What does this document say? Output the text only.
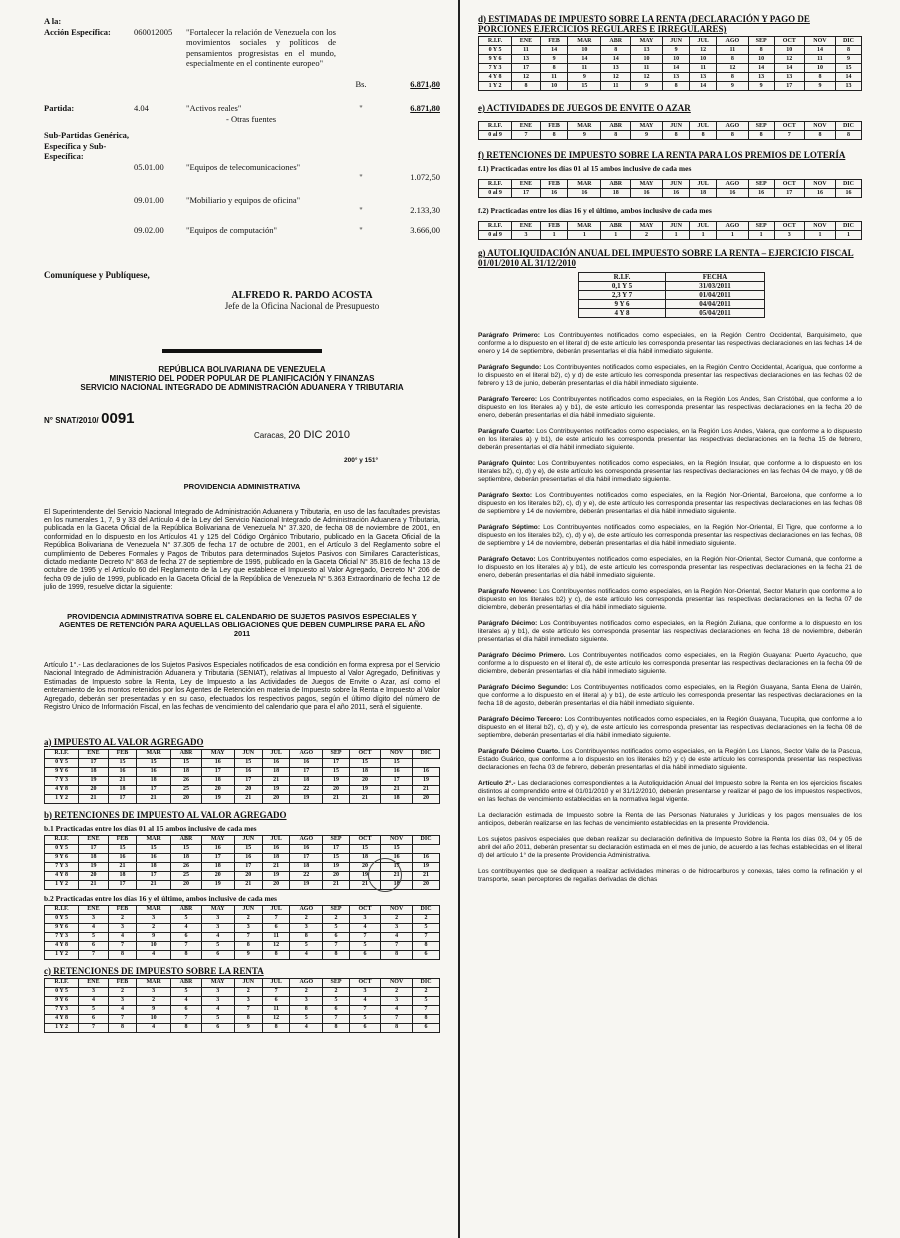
A la:
Acción Específica:	060012005	"Fortalecer la relación de Venezuela con los movimientos sociales y políticos de pensamientos progresistas en el mundo, especialmente en el continente europeo"
Bs.	6.871,80
Partida:	4.04	"Activos reales"
- Otras fuentes
"	6.871,80
Sub-Partidas Genérica, Específica y Sub-Específica:
05.01.00	"Equipos de telecomunicaciones"
"	1.072,50
09.01.00	"Mobiliario y equipos de oficina"
"	2.133,30
09.02.00	"Equipos de computación"	"	3.666,00
Comuníquese y Publíquese,
ALFREDO R. PARDO ACOSTA
Jefe de la Oficina Nacional de Presupuesto
REPÚBLICA BOLIVARIANA DE VENEZUELA
MINISTERIO DEL PODER POPULAR DE PLANIFICACIÓN Y FINANZAS
SERVICIO NACIONAL INTEGRADO DE ADMINISTRACIÓN ADUANERA Y TRIBUTARIA
N° SNAT/2010/ 0091
Caracas, 20 DIC 2010
200° y 151°
PROVIDENCIA ADMINISTRATIVA
El Superintendente del Servicio Nacional Integrado de Administración Aduanera y Tributaria, en uso de las facultades previstas en los numerales 1, 7, 9 y 33 del Artículo 4 de la Ley del Servicio Nacional Integrado de Administración Aduanera y Tributaria, publicada en la Gaceta Oficial de la República Bolivariana de Venezuela N° 37.320, de fecha 08 de noviembre de 2001, en conformidad en lo dispuesto en los Artículos 41 y 125 del Código Orgánico Tributario, publicado en la Gaceta Oficial de la República Bolivariana de Venezuela N° 37.305 de fecha 17 de octubre de 2001, en el Artículo 3 del Reglamento sobre el cumplimiento de Deberes Formales y Pagos de Tributos para determinados Sujetos Pasivos con Similares Características, dictado mediante Decreto N° 863 de fecha 27 de septiembre de 1995, publicado en la Gaceta Oficial N° 35.816 de fecha 13 de octubre de 1995 y el Artículo 60 del Reglamento de la Ley que establece el Impuesto al Valor Agregado, Decreto N° 206 de fecha 09 de julio de 1999, publicado en la Gaceta Oficial de la República de Venezuela N° 5.363 Extraordinario de fecha 12 de julio de 1999, resuelve dictar la siguiente:
PROVIDENCIA ADMINISTRATIVA SOBRE EL CALENDARIO DE SUJETOS PASIVOS ESPECIALES Y AGENTES DE RETENCIÓN PARA AQUELLAS OBLIGACIONES QUE DEBEN CUMPLIRSE PARA EL AÑO 2011
Artículo 1°.- Las declaraciones de los Sujetos Pasivos Especiales notificados de esa condición en forma expresa por el Servicio Nacional Integrado de Administración Aduanera y Tributaria (SENIAT), relativas al Impuesto al Valor Agregado, Definitivas y Estimadas de Impuesto sobre la Renta, Ley de Impuesto a las Actividades de Juegos de Envite o Azar, así como el enteramiento de los montos retenidos por los Agentes de Retención en materia de Impuesto sobre la Renta e Impuesto al Valor Agregado, deberán ser presentadas y en su caso, efectuados los respectivos pagos, según el último dígito del número de Registro Único de Información Fiscal, en las fechas de vencimiento del calendario que para el año 2011, será el siguiente.
a) IMPUESTO AL VALOR AGREGADO
R.I.F.	ENE	FEB	MAR	ABR	MAY	JUN	JUL	AGO	SEP	OCT	NOV	DIC
0 Y 5	17	15	15	15	16	15	16	16	17	15	15	
9 Y 6	18	16	16	18	17	16	18	17	15	18	16	16
7 Y 3	19	21	18	26	18	17	21	18	19	20	17	19
4 Y 8	20	18	17	25	20	20	19	22	20	19	21	21
1 Y 2	21	17	21	20	19	21	20	19	21	21	18	20
b) RETENCIONES DE IMPUESTO AL VALOR AGREGADO
b.1 Practicadas entre los días 01 al 15 ambos inclusive de cada mes
R.I.F.	ENE	FEB	MAR	ABR	MAY	JUN	JUL	AGO	SEP	OCT	NOV	DIC
0 Y 5	17	15	15	15	16	15	16	16	17	15	15	
9 Y 6	18	16	16	18	17	16	18	17	15	18	16	16
7 Y 3	19	21	18	26	18	17	21	18	19	20	17	19
4 Y 8	20	18	17	25	20	20	19	22	20	19	21	21
1 Y 2	21	17	21	20	19	21	20	19	21	21	18	20
b.2 Practicadas entre los días 16 y el último, ambos inclusive de cada mes
R.I.F.	ENE	FEB	MAR	ABR	MAY	JUN	JUL	AGO	SEP	OCT	NOV	DIC
0 Y 5	3	2	3	5	3	2	7	2	2	3	2	2
9 Y 6	4	3	2	4	3	3	6	3	5	4	3	5
7 Y 3	5	4	9	6	4	7	11	8	6	7	4	7
4 Y 8	6	7	10	7	5	8	12	5	7	5	7	8
1 Y 2	7	8	4	8	6	9	8	4	8	6	8	6
c) RETENCIONES DE IMPUESTO SOBRE LA RENTA
R.I.F.	ENE	FEB	MAR	ABR	MAY	JUN	JUL	AGO	SEP	OCT	NOV	DIC
0 Y 5	3	2	3	5	3	2	7	2	2	3	2	2
9 Y 6	4	3	2	4	3	3	6	3	5	4	3	5
7 Y 3	5	4	9	6	4	7	11	8	6	7	4	7
4 Y 8	6	7	10	7	5	8	12	5	7	5	7	8
1 Y 2	7	8	4	8	6	9	8	4	8	6	8	6
d) ESTIMADAS DE IMPUESTO SOBRE LA RENTA (DECLARACIÓN Y PAGO DE PORCIONES EJERCICIOS REGULARES E IRREGULARES)
R.I.F.	ENE	FEB	MAR	ABR	MAY	JUN	JUL	AGO	SEP	OCT	NOV	DIC
0 Y 5	11	14	10	8	13	9	12	11	8	10	14	8
9 Y 6	13	9	14	14	10	10	10	8	10	12	11	9
7 Y 3	17	8	11	13	11	14	11	12	14	14	10	15
4 Y 8	12	11	9	12	12	13	13	8	13	13	8	14
1 Y 2	8	10	15	11	9	8	14	9	9	17	9	13
e) ACTIVIDADES DE JUEGOS DE ENVITE O AZAR
R.I.F.	ENE	FEB	MAR	ABR	MAY	JUN	JUL	AGO	SEP	OCT	NOV	DIC
0 al 9	7	8	9	8	9	8	8	8	8	7	8	8
f) RETENCIONES DE IMPUESTO SOBRE LA RENTA PARA LOS PREMIOS DE LOTERÍA
f.1) Practicadas entre los días 01 al 15 ambos inclusive de cada mes
R.I.F.	ENE	FEB	MAR	ABR	MAY	JUN	JUL	AGO	SEP	OCT	NOV	DIC
0 al 9	17	16	16	18	16	16	18	16	16	17	16	16
f.2) Practicadas entre los días 16 y el último, ambos inclusive de cada mes
R.I.F.	ENE	FEB	MAR	ABR	MAY	JUN	JUL	AGO	SEP	OCT	NOV	DIC
0 al 9	3	1	1	1	2	1	1	1	1	3	1	1
g) AUTOLIQUIDACIÓN ANUAL DEL IMPUESTO SOBRE LA RENTA – EJERCICIO FISCAL 01/01/2010 AL 31/12/2010
R.I.F.	FECHA
0,1 Y 5	31/03/2011
2,3 Y 7	01/04/2011
9 Y 6	04/04/2011
4 Y 8	05/04/2011
Parágrafo Primero: Los Contribuyentes notificados como especiales, en la Región Centro Occidental, Barquisimeto, que conforme a lo dispuesto en el literal d) de este artículo les corresponda presentar las respectivas declaraciones en las fechas 14 de enero y 14 de septiembre, deberán presentarlas el día hábil inmediato siguiente.
Parágrafo Segundo: Los Contribuyentes notificados como especiales, en la Región Centro Occidental, Acarigua, que conforme a lo dispuesto en el literal b2), c) y d) de este artículo les corresponda presentar las respectivas declaraciones en las fechas 02 de febrero y 13 de junio, deberán presentarlas el día hábil inmediato siguiente.
Parágrafo Tercero: Los Contribuyentes notificados como especiales, en la Región Los Andes, San Cristóbal, que conforme a lo dispuesto en los literales a) y b1), de este artículo les corresponda presentar las respectivas declaraciones en la fecha 20 de enero, deberán presentarlas el día hábil inmediato siguiente.
Parágrafo Cuarto: Los Contribuyentes notificados como especiales, en la Región Los Andes, Valera, que conforme a lo dispuesto en los literales a) y b1), de este artículo les corresponda presentar las respectivas declaraciones en la fecha 15 de febrero, deberán presentarlas el día hábil inmediato siguiente.
Parágrafo Quinto: Los Contribuyentes notificados como especiales, en la Región Insular, que conforme a lo dispuesto en los literales b2), c), d) y e), de este artículo les corresponda presentar las respectivas declaraciones en las fechas 04 de mayo, y 08 de septiembre, deberán presentarlas el día hábil inmediato siguiente.
Parágrafo Sexto: Los Contribuyentes notificados como especiales, en la Región Nor-Oriental, Barcelona, que conforme a lo dispuesto en los literales b2), c), d) y e), de este artículo les corresponda presentar las respectivas declaraciones en las fechas 08 de septiembre y 14 de noviembre, deberán presentarlas el día hábil inmediato siguiente.
Parágrafo Séptimo: Los Contribuyentes notificados como especiales, en la Región Nor-Oriental, El Tigre, que conforme a lo dispuesto en los literales b2), c), d) y e), de este artículo les corresponda presentar las respectivas declaraciones en las fechas, 08 de septiembre y 14 de noviembre, deberán presentarlas el día hábil inmediato siguiente.
Parágrafo Octavo: Los Contribuyentes notificados como especiales, en la Región Nor-Oriental, Sector Cumaná, que conforme a lo dispuesto en los literales a) y b1), de este artículo les corresponda presentar las respectivas declaraciones en la fecha 21 de enero, deberán presentarlas el día hábil inmediato siguiente.
Parágrafo Noveno: Los Contribuyentes notificados como especiales, en la Región Nor-Oriental, Sector Maturín que conforme a lo dispuesto en los literales b2) y c), de este artículo les corresponda presentar las respectivas declaraciones en la fecha 07 de diciembre, deberán presentarlas el día hábil inmediato siguiente.
Parágrafo Décimo: Los Contribuyentes notificados como especiales, en la Región Zuliana, que conforme a lo dispuesto en los literales a) y b1), de este artículo les corresponda presentar las respectivas declaraciones en fecha 18 de noviembre, deberán presentarlas el día hábil inmediato siguiente.
Parágrafo Décimo Primero. Los Contribuyentes notificados como especiales, en la Región Guayana: Puerto Ayacucho, que conforme a lo dispuesto en el literal d), de este artículo les corresponda presentar las respectivas declaraciones en la fecha 09 de diciembre, deberán presentarlas el día hábil inmediato siguiente.
Parágrafo Décimo Segundo: Los Contribuyentes notificados como especiales, en la Región Guayana, Santa Elena de Uairén, que conforme a lo dispuesto en el literal a) y b1), de este artículo les corresponda presentar las respectivas declaraciones en la fecha 18 de agosto, deberán presentarlas el día hábil inmediato siguiente.
Parágrafo Décimo Tercero: Los Contribuyentes notificados como especiales, en la Región Guayana, Tucupita, que conforme a lo dispuesto en el literal b2), c), d) y e), de este artículo les corresponda presentar las respectivas declaraciones en la fecha 08 de septiembre, deberán presentarlas el día hábil inmediato siguiente.
Parágrafo Décimo Cuarto. Los Contribuyentes notificados como especiales, en la Región Los Llanos, Sector Valle de la Pascua, Estado Guárico, que conforme a lo dispuesto en los literales b2) y c) de este artículo les corresponda presentar las respectivas declaraciones en fecha 03 de febrero, deberán presentarlas el día hábil inmediato siguiente.
Artículo 2°.- Las declaraciones correspondientes a la Autoliquidación Anual del Impuesto sobre la Renta en los ejercicios fiscales distintos al comprendido entre el 01/01/2010 y el 31/12/2010, deberán presentarse y realizar el pago de los impuestos respectivos, en las fechas de vencimiento establecidas en la normativa legal vigente.
La declaración estimada de Impuesto sobre la Renta de las Personas Naturales y Jurídicas y los pagos mensuales de los anticipos, deberán realizarse en las fechas de vencimiento establecidas en la presente Providencia.
Los sujetos pasivos especiales que deban realizar su declaración definitiva de Impuesto Sobre la Renta los días 03, 04 y 05 de abril del año 2011, deberán presentar su declaración estimada en el mes de junio, de acuerdo a las fechas establecidas en el literal d) del artículo 1° de la presente Providencia Administrativa.
Los contribuyentes que se dediquen a realizar actividades mineras o de hidrocarburos y conexas, tales como la refinación y el transporte, sean perceptores de regalías derivadas de dichas
